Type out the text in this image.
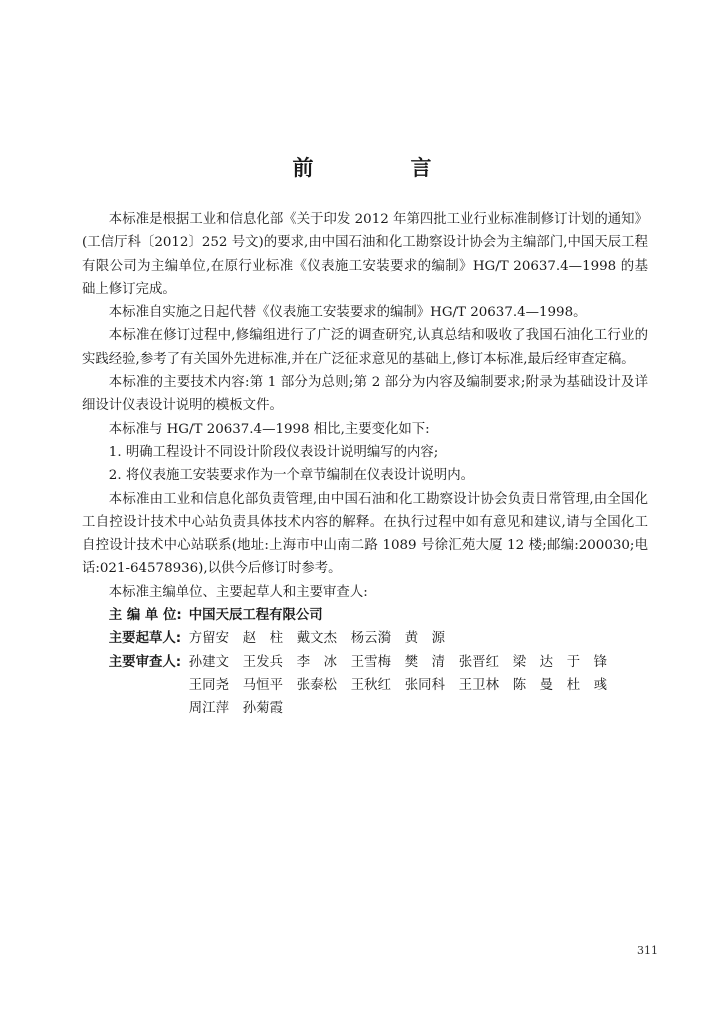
前　言

本标准是根据工业和信息化部《关于印发 2012 年第四批工业行业标准制修订计划的通知》(工信厅科〔2012〕252 号文)的要求,由中国石油和化工勘察设计协会为主编部门,中国天辰工程有限公司为主编单位,在原行业标准《仪表施工安装要求的编制》HG/T 20637.4—1998 的基础上修订完成。

本标准自实施之日起代替《仪表施工安装要求的编制》HG/T 20637.4—1998。

本标准在修订过程中,修编组进行了广泛的调查研究,认真总结和吸收了我国石油化工行业的实践经验,参考了有关国外先进标准,并在广泛征求意见的基础上,修订本标准,最后经审查定稿。

本标准的主要技术内容:第 1 部分为总则;第 2 部分为内容及编制要求;附录为基础设计及详细设计仪表设计说明的模板文件。

本标准与 HG/T 20637.4—1998 相比,主要变化如下:

1. 明确工程设计不同设计阶段仪表设计说明编写的内容;

2. 将仪表施工安装要求作为一个章节编制在仪表设计说明内。

本标准由工业和信息化部负责管理,由中国石油和化工勘察设计协会负责日常管理,由全国化工自控设计技术中心站负责具体技术内容的解释。在执行过程中如有意见和建议,请与全国化工自控设计技术中心站联系(地址:上海市中山南二路 1089 号徐汇苑大厦 12 楼;邮编:200030;电话:021-64578936),以供今后修订时参考。

本标准主编单位、主要起草人和主要审查人:

主 编 单 位: 中国天辰工程有限公司
主要起草人: 方留安	赵　柱	戴文杰	杨云漪	黄　源
主要审查人: 孙建文	王发兵	李　冰	王雪梅	樊　清	张晋红	梁　达	于　锋
王同尧	马恒平	张泰松	王秋红	张同科	王卫林	陈　曼	杜　彧
周江萍	孙菊霞
311
